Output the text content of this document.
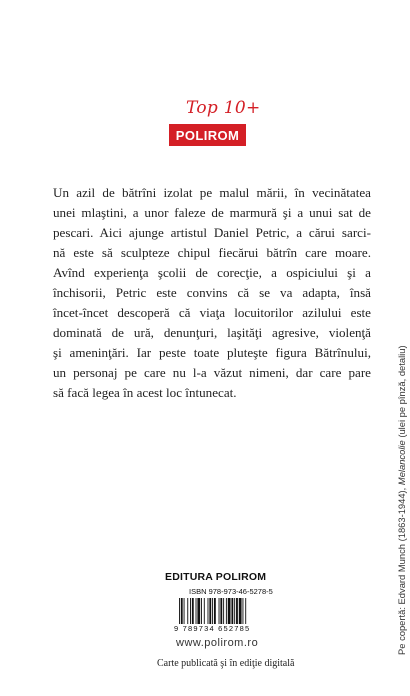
Top 10+
POLIROM

Un azil de bătrîni izolat pe malul mării, în vecinătatea
unei mlaştini, a unor faleze de marmură şi a unui sat de
pescari. Aici ajunge artistul Daniel Petric, a cărui sarci-
nă este să sculpteze chipul fiecărui bătrîn care moare.
Avînd experienţa şcolii de corecţie, a ospiciului şi a
închisorii, Petric este convins că se va adapta, însă
încet-încet descoperă că viaţa locuitorilor azilului este
dominată de ură, denunţuri, laşităţi agresive, violenţă
şi ameninţări. Iar peste toate pluteşte figura Bătrînului,
un personaj pe care nu l-a văzut nimeni, dar care pare
să facă legea în acest loc întunecat.

EDITURA POLIROM
ISBN 978-973-46-5278-5
9 789734 652785
www.polirom.ro
Carte publicată şi în ediţie digitală
Pe copertă: Edvard Munch (1863-1944), Melancolie (ulei pe pînză, detaliu)
